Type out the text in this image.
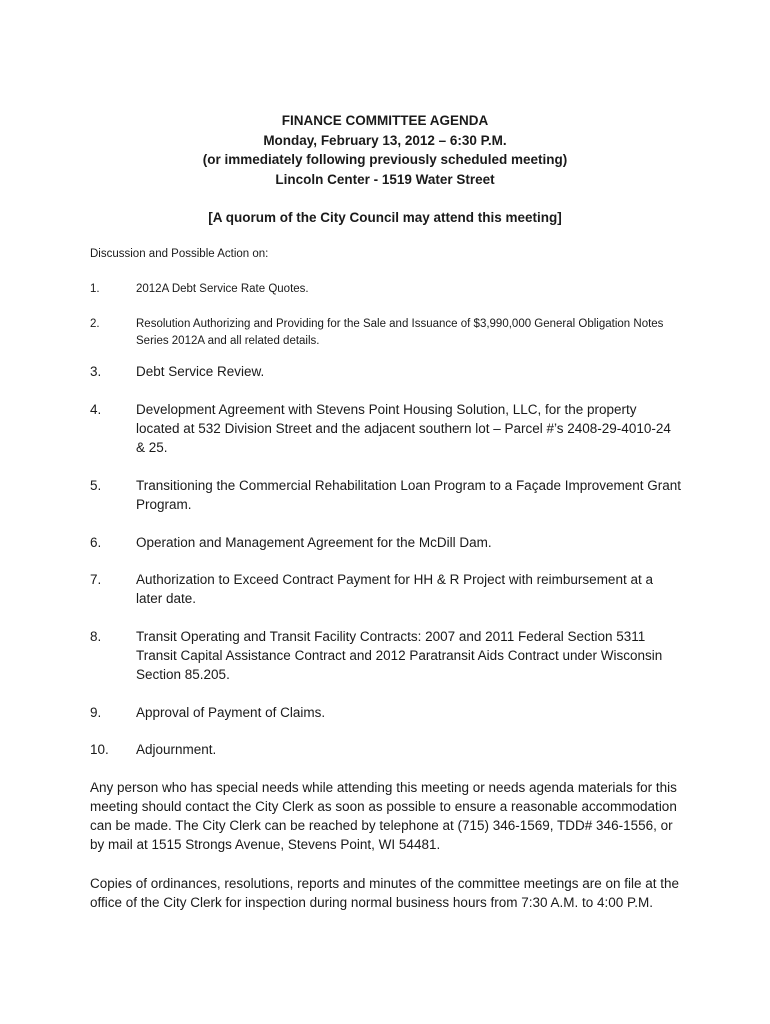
FINANCE COMMITTEE AGENDA
Monday, February 13, 2012 – 6:30 P.M.
(or immediately following previously scheduled meeting)
Lincoln Center - 1519 Water Street
[A quorum of the City Council may attend this meeting]
Discussion and Possible Action on:
1.	2012A Debt Service Rate Quotes.
2.	Resolution Authorizing and Providing for the Sale and Issuance of $3,990,000 General Obligation Notes Series 2012A and all related details.
3.	Debt Service Review.
4.	Development Agreement with Stevens Point Housing Solution, LLC, for the property located at 532 Division Street and the adjacent southern lot – Parcel #’s 2408-29-4010-24 & 25.
5.	Transitioning the Commercial Rehabilitation Loan Program to a Façade Improvement Grant Program.
6.	Operation and Management Agreement for the McDill Dam.
7.	Authorization to Exceed Contract Payment for HH & R Project with reimbursement at a later date.
8.	Transit Operating and Transit Facility Contracts: 2007 and 2011 Federal Section 5311 Transit Capital Assistance Contract and 2012 Paratransit Aids Contract under Wisconsin Section 85.205.
9.	Approval of Payment of Claims.
10. Adjournment.
Any person who has special needs while attending this meeting or needs agenda materials for this meeting should contact the City Clerk as soon as possible to ensure a reasonable accommodation can be made. The City Clerk can be reached by telephone at (715) 346-1569, TDD# 346-1556, or by mail at 1515 Strongs Avenue, Stevens Point, WI 54481.
Copies of ordinances, resolutions, reports and minutes of the committee meetings are on file at the office of the City Clerk for inspection during normal business hours from 7:30 A.M. to 4:00 P.M.
